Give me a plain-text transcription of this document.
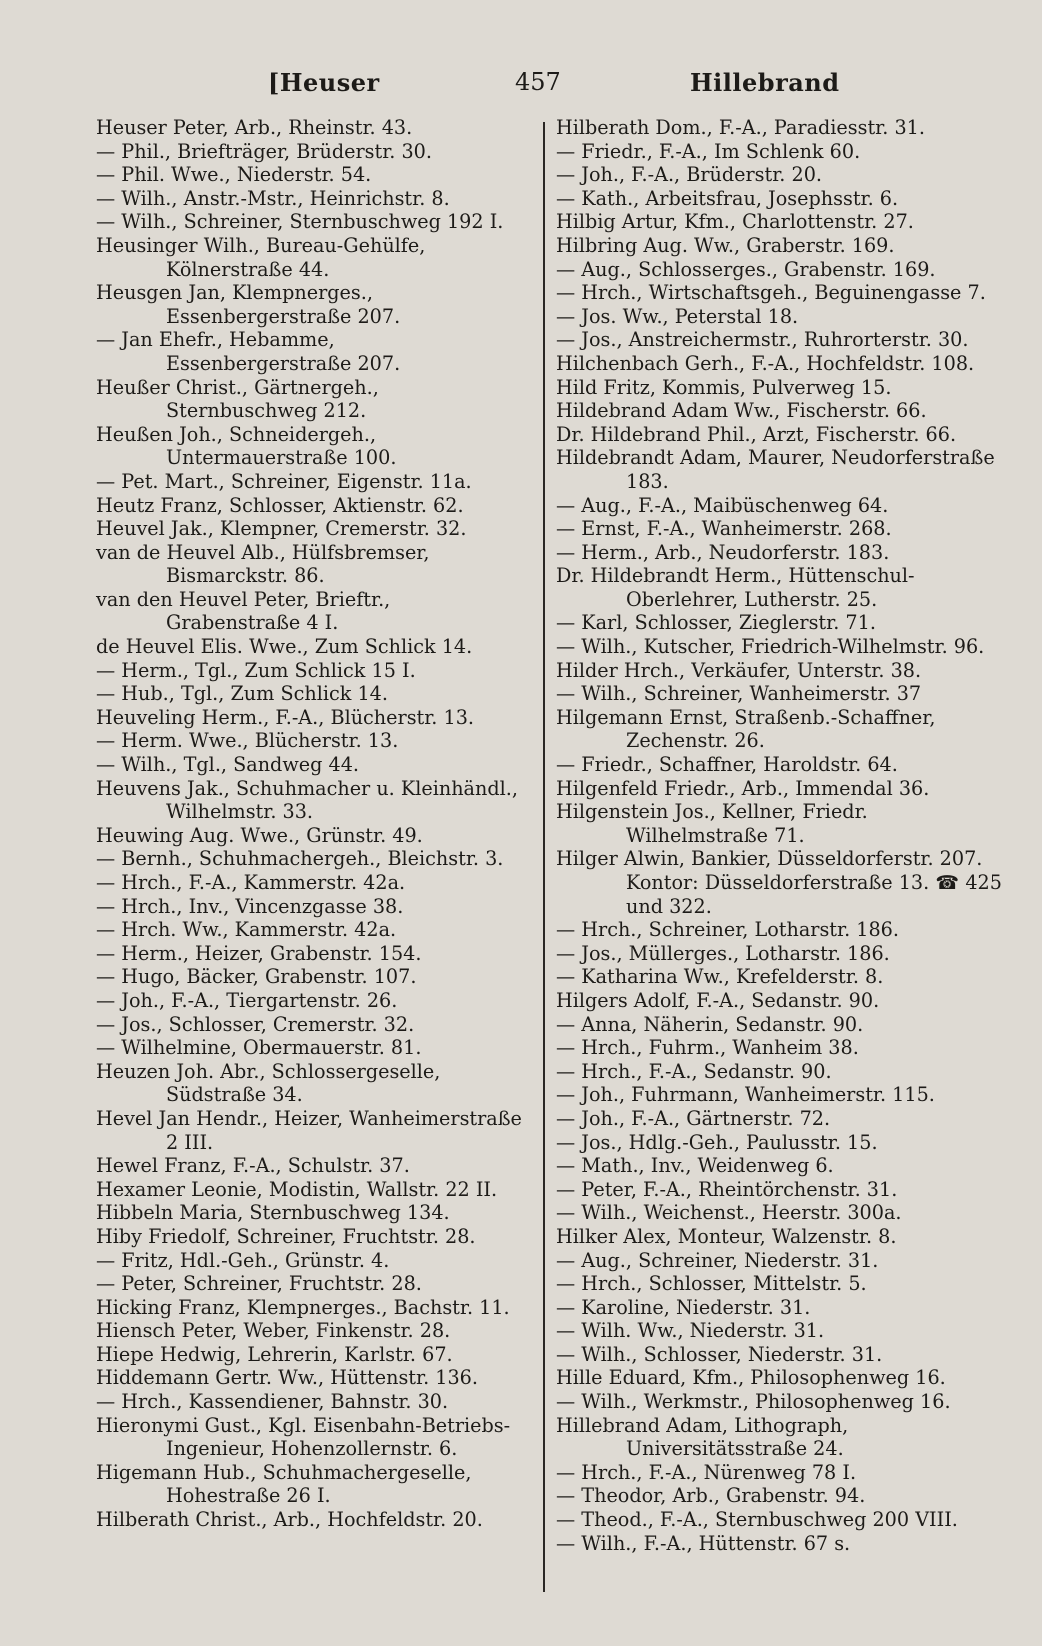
[Heuser	457	Hillebrand

Heuser Peter, Arb., Rheinstr. 43.

— Phil., Briefträger, Brüderstr. 30.

— Phil. Wwe., Niederstr. 54.

— Wilh., Anstr.-Mstr., Heinrichstr. 8.

— Wilh., Schreiner, Sternbuschweg 192 I.

Heusinger Wilh., Bureau-Gehülfe, Kölnerstraße 44.

Heusgen Jan, Klempnerges., Essenbergerstraße 207.

— Jan Ehefr., Hebamme, Essenbergerstraße 207.

Heußer Christ., Gärtnergeh., Sternbuschweg 212.

Heußen Joh., Schneidergeh., Untermauerstraße 100.

— Pet. Mart., Schreiner, Eigenstr. 11a.

Heutz Franz, Schlosser, Aktienstr. 62.

Heuvel Jak., Klempner, Cremerstr. 32.

van de Heuvel Alb., Hülfsbremser, Bismarckstr. 86.

van den Heuvel Peter, Brieftr., Grabenstraße 4 I.

de Heuvel Elis. Wwe., Zum Schlick 14.

— Herm., Tgl., Zum Schlick 15 I.

— Hub., Tgl., Zum Schlick 14.

Heuveling Herm., F.-A., Blücherstr. 13.

— Herm. Wwe., Blücherstr. 13.

— Wilh., Tgl., Sandweg 44.

Heuvens Jak., Schuhmacher u. Kleinhändl., Wilhelmstr. 33.

Heuwing Aug. Wwe., Grünstr. 49.

— Bernh., Schuhmachergeh., Bleichstr. 3.

— Hrch., F.-A., Kammerstr. 42a.

— Hrch., Inv., Vincenzgasse 38.

— Hrch. Ww., Kammerstr. 42a.

— Herm., Heizer, Grabenstr. 154.

— Hugo, Bäcker, Grabenstr. 107.

— Joh., F.-A., Tiergartenstr. 26.

— Jos., Schlosser, Cremerstr. 32.

— Wilhelmine, Obermauerstr. 81.

Heuzen Joh. Abr., Schlossergeselle, Südstraße 34.

Hevel Jan Hendr., Heizer, Wanheimerstraße 2 III.

Hewel Franz, F.-A., Schulstr. 37.

Hexamer Leonie, Modistin, Wallstr. 22 II.

Hibbeln Maria, Sternbuschweg 134.

Hiby Friedolf, Schreiner, Fruchtstr. 28.

— Fritz, Hdl.-Geh., Grünstr. 4.

— Peter, Schreiner, Fruchtstr. 28.

Hicking Franz, Klempnerges., Bachstr. 11.

Hiensch Peter, Weber, Finkenstr. 28.

Hiepe Hedwig, Lehrerin, Karlstr. 67.

Hiddemann Gertr. Ww., Hüttenstr. 136.

— Hrch., Kassendiener, Bahnstr. 30.

Hieronymi Gust., Kgl. Eisenbahn-Betriebs-Ingenieur, Hohenzollernstr. 6.

Higemann Hub., Schuhmachergeselle, Hohestraße 26 I.

Hilberath Christ., Arb., Hochfeldstr. 20.

Hilberath Dom., F.-A., Paradiesstr. 31.

— Friedr., F.-A., Im Schlenk 60.

— Joh., F.-A., Brüderstr. 20.

— Kath., Arbeitsfrau, Josephsstr. 6.

Hilbig Artur, Kfm., Charlottenstr. 27.

Hilbring Aug. Ww., Graberstr. 169.

— Aug., Schlosserges., Grabenstr. 169.

— Hrch., Wirtschaftsgeh., Beguinengasse 7.

— Jos. Ww., Peterstal 18.

— Jos., Anstreichermstr., Ruhrorterstr. 30.

Hilchenbach Gerh., F.-A., Hochfeldstr. 108.

Hild Fritz, Kommis, Pulverweg 15.

Hildebrand Adam Ww., Fischerstr. 66.

Dr. Hildebrand Phil., Arzt, Fischerstr. 66.

Hildebrandt Adam, Maurer, Neudorferstraße 183.

— Aug., F.-A., Maibüschenweg 64.

— Ernst, F.-A., Wanheimerstr. 268.

— Herm., Arb., Neudorferstr. 183.

Dr. Hildebrandt Herm., Hüttenschul-Oberlehrer, Lutherstr. 25.

— Karl, Schlosser, Zieglerstr. 71.

— Wilh., Kutscher, Friedrich-Wilhelmstr. 96.

Hilder Hrch., Verkäufer, Unterstr. 38.

— Wilh., Schreiner, Wanheimerstr. 37

Hilgemann Ernst, Straßenb.-Schaffner, Zechenstr. 26.

— Friedr., Schaffner, Haroldstr. 64.

Hilgenfeld Friedr., Arb., Immendal 36.

Hilgenstein Jos., Kellner, Friedr. Wilhelmstraße 71.

Hilger Alwin, Bankier, Düsseldorferstr. 207. Kontor: Düsseldorferstraße 13. ☎ 425 und 322.

— Hrch., Schreiner, Lotharstr. 186.

— Jos., Müllerges., Lotharstr. 186.

— Katharina Ww., Krefelderstr. 8.

Hilgers Adolf, F.-A., Sedanstr. 90.

— Anna, Näherin, Sedanstr. 90.

— Hrch., Fuhrm., Wanheim 38.

— Hrch., F.-A., Sedanstr. 90.

— Joh., Fuhrmann, Wanheimerstr. 115.

— Joh., F.-A., Gärtnerstr. 72.

— Jos., Hdlg.-Geh., Paulusstr. 15.

— Math., Inv., Weidenweg 6.

— Peter, F.-A., Rheintörchenstr. 31.

— Wilh., Weichenst., Heerstr. 300a.

Hilker Alex, Monteur, Walzenstr. 8.

— Aug., Schreiner, Niederstr. 31.

— Hrch., Schlosser, Mittelstr. 5.

— Karoline, Niederstr. 31.

— Wilh. Ww., Niederstr. 31.

— Wilh., Schlosser, Niederstr. 31.

Hille Eduard, Kfm., Philosophenweg 16.

— Wilh., Werkmstr., Philosophenweg 16.

Hillebrand Adam, Lithograph, Universitätsstraße 24.

— Hrch., F.-A., Nürenweg 78 I.

— Theodor, Arb., Grabenstr. 94.

— Theod., F.-A., Sternbuschweg 200 VIII.

— Wilh., F.-A., Hüttenstr. 67 s.
